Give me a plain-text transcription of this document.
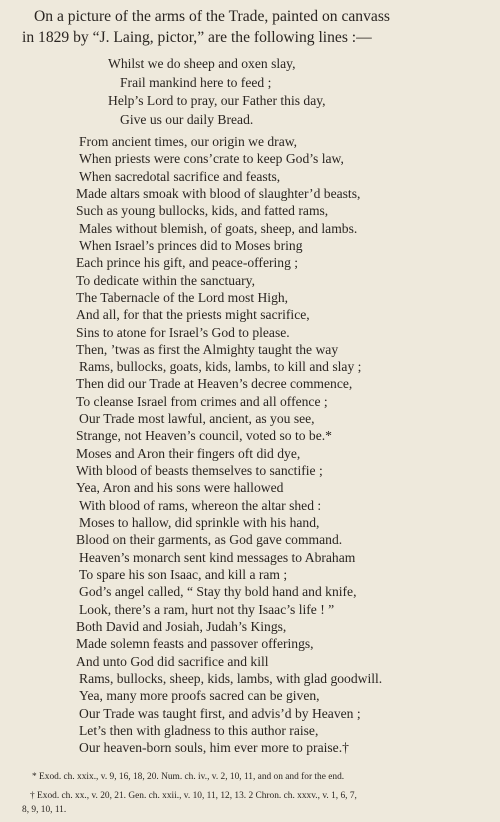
On a picture of the arms of the Trade, painted on canvass
in 1829 by “J. Laing, pictor,” are the following lines :—

Whilst we do sheep and oxen slay,
Frail mankind here to feed ;
Help’s Lord to pray, our Father this day,
Give us our daily Bread.
From ancient times, our origin we draw,
When priests were cons’crate to keep God’s law,
When sacredotal sacrifice and feasts,
Made altars smoak with blood of slaughter’d beasts,
Such as young bullocks, kids, and fatted rams,
Males without blemish, of goats, sheep, and lambs.
When Israel’s princes did to Moses bring
Each prince his gift, and peace-offering ;
To dedicate within the sanctuary,
The Tabernacle of the Lord most High,
And all, for that the priests might sacrifice,
Sins to atone for Israel’s God to please.
Then, ’twas as first the Almighty taught the way
Rams, bullocks, goats, kids, lambs, to kill and slay ;
Then did our Trade at Heaven’s decree commence,
To cleanse Israel from crimes and all offence ;
Our Trade most lawful, ancient, as you see,
Strange, not Heaven’s council, voted so to be.*
Moses and Aron their fingers oft did dye,
With blood of beasts themselves to sanctifie ;
Yea, Aron and his sons were hallowed
With blood of rams, whereon the altar shed :
Moses to hallow, did sprinkle with his hand,
Blood on their garments, as God gave command.
Heaven’s monarch sent kind messages to Abraham
To spare his son Isaac, and kill a ram ;
God’s angel called, “ Stay thy bold hand and knife,
Look, there’s a ram, hurt not thy Isaac’s life ! ”
Both David and Josiah, Judah’s Kings,
Made solemn feasts and passover offerings,
And unto God did sacrifice and kill
Rams, bullocks, sheep, kids, lambs, with glad goodwill.
Yea, many more proofs sacred can be given,
Our Trade was taught first, and advis’d by Heaven ;
Let’s then with gladness to this author raise,
Our heaven-born souls, him ever more to praise.†
* Exod. ch. xxix., v. 9, 16, 18, 20. Num. ch. iv., v. 2, 10, 11, and on and for the end.
† Exod. ch. xx., v. 20, 21. Gen. ch. xxii., v. 10, 11, 12, 13. 2 Chron. ch. xxxv., v. 1, 6, 7,
8, 9, 10, 11.
